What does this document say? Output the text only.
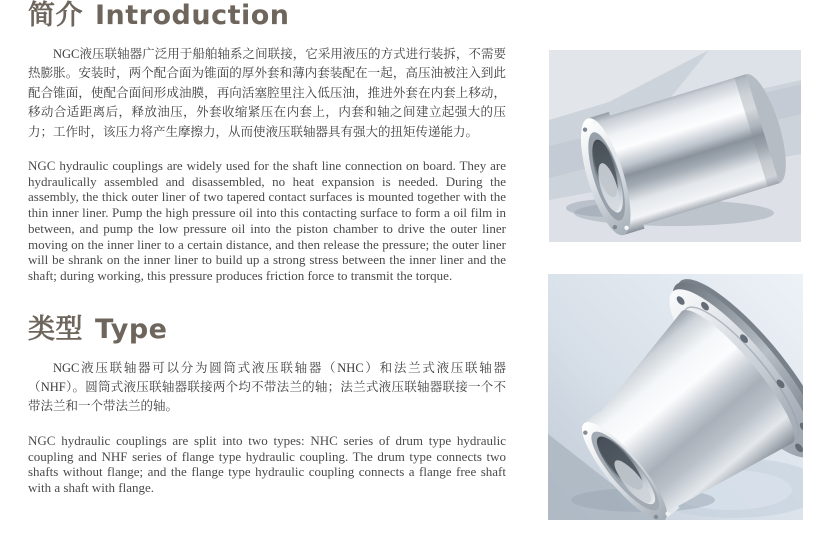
简介 Introduction

NGC液压联轴器广泛用于船舶轴系之间联接，它采用液压的方式进行装拆，不需要热膨胀。安装时，两个配合面为锥面的厚外套和薄内套装配在一起，高压油被注入到此配合锥面，使配合面间形成油膜，再向活塞腔里注入低压油，推进外套在内套上移动，移动合适距离后，释放油压，外套收缩紧压在内套上，内套和轴之间建立起强大的压力；工作时，该压力将产生摩擦力，从而使液压联轴器具有强大的扭矩传递能力。

NGC hydraulic couplings are widely used for the shaft line connection on board. They are hydraulically assembled and disassembled, no heat expansion is needed. During the assembly, the thick outer liner of two tapered contact surfaces is mounted together with the thin inner liner. Pump the high pressure oil into this contacting surface to form a oil film in between, and pump the low pressure oil into the piston chamber to drive the outer liner moving on the inner liner to a certain distance, and then release the pressure; the outer liner will be shrank on the inner liner to build up a strong stress between the inner liner and the shaft; during working, this pressure produces friction force to transmit the torque.

类型 Type

NGC液压联轴器可以分为圆筒式液压联轴器（NHC）和法兰式液压联轴器（NHF）。圆筒式液压联轴器联接两个均不带法兰的轴；法兰式液压联轴器联接一个不带法兰和一个带法兰的轴。

NGC hydraulic couplings are split into two types: NHC series of drum type hydraulic coupling and NHF series of flange type hydraulic coupling. The drum type connects two shafts without flange; and the flange type hydraulic coupling connects a flange free shaft with a shaft with flange.
